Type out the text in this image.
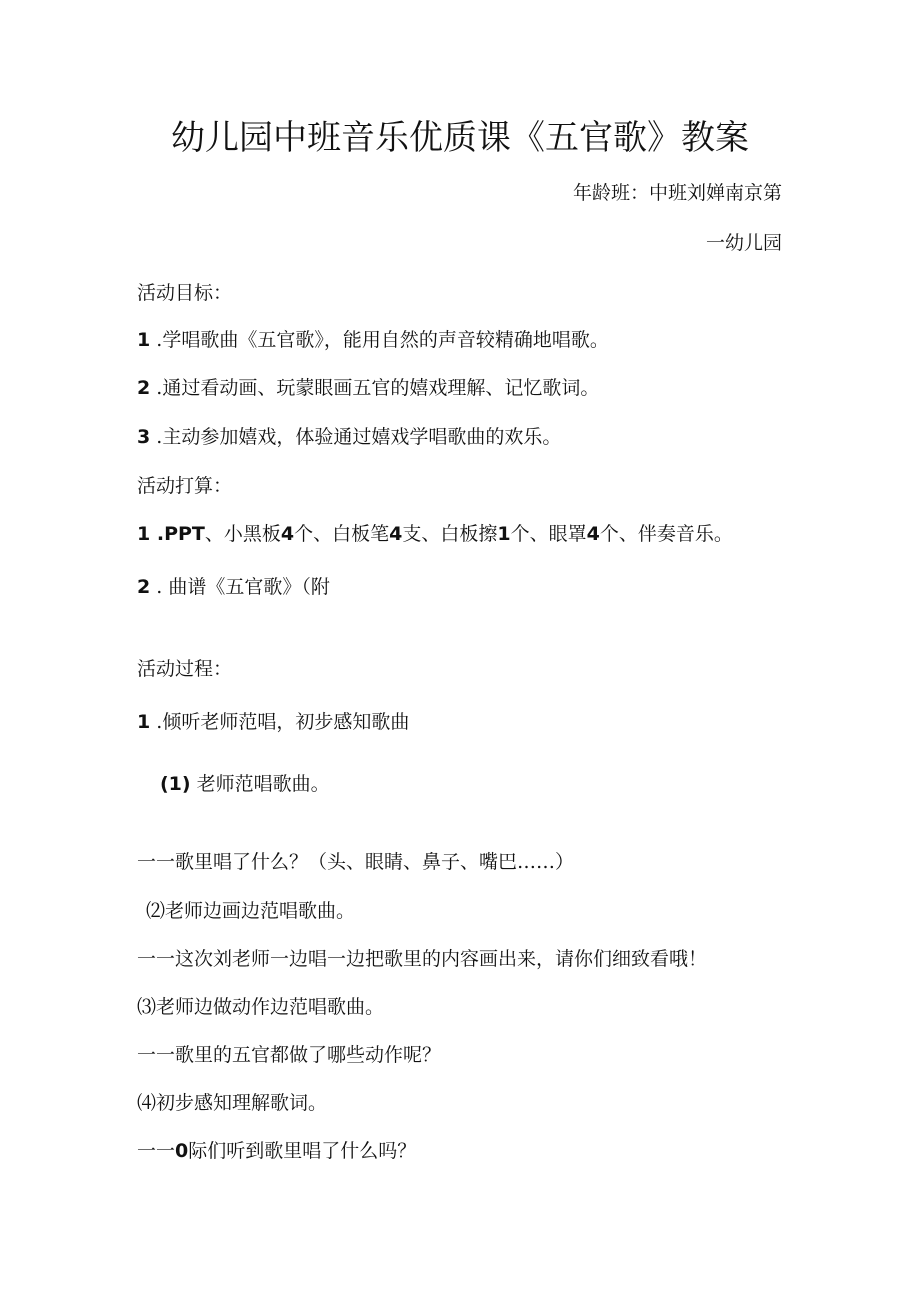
幼儿园中班音乐优质课《五官歌》教案
年龄班：中班刘婵南京第
一幼儿园
活动目标：
1 .学唱歌曲《五官歌》，能用自然的声音较精确地唱歌。
2 .通过看动画、玩蒙眼画五官的嬉戏理解、记忆歌词。
3 .主动参加嬉戏，体验通过嬉戏学唱歌曲的欢乐。
活动打算：
1 .PPT、小黑板4个、白板笔4支、白板擦1个、眼罩4个、伴奏音乐。
2 . 曲谱《五官歌》（附
活动过程：
1 .倾听老师范唱，初步感知歌曲
(1) 老师范唱歌曲。
一一歌里唱了什么？（头、眼睛、鼻子、嘴巴……）
⑵老师边画边范唱歌曲。
一一这次刘老师一边唱一边把歌里的内容画出来，请你们细致看哦！
⑶老师边做动作边范唱歌曲。
一一歌里的五官都做了哪些动作呢？
⑷初步感知理解歌词。
一一0际们听到歌里唱了什么吗？
